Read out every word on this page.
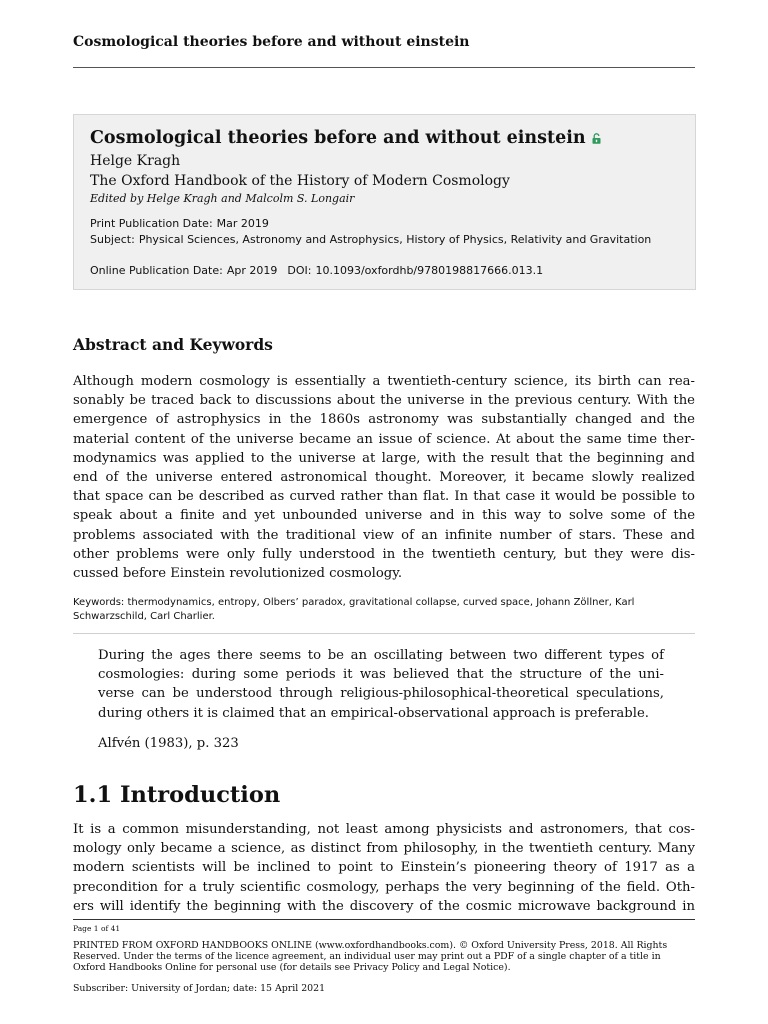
Cosmological theories before and without einstein
Cosmological theories before and without einstein
Helge Kragh
The Oxford Handbook of the History of Modern Cosmology
Edited by Helge Kragh and Malcolm S. Longair
Print Publication Date: Mar 2019
Subject: Physical Sciences, Astronomy and Astrophysics, History of Physics, Relativity and Gravitation
Online Publication Date: Apr 2019 DOI: 10.1093/oxfordhb/9780198817666.013.1
Abstract and Keywords
Although modern cosmology is essentially a twentieth-century science, its birth can rea-
sonably be traced back to discussions about the universe in the previous century. With the
emergence of astrophysics in the 1860s astronomy was substantially changed and the
material content of the universe became an issue of science. At about the same time ther-
modynamics was applied to the universe at large, with the result that the beginning and
end of the universe entered astronomical thought. Moreover, it became slowly realized
that space can be described as curved rather than flat. In that case it would be possible to
speak about a finite and yet unbounded universe and in this way to solve some of the
problems associated with the traditional view of an infinite number of stars. These and
other problems were only fully understood in the twentieth century, but they were dis-
cussed before Einstein revolutionized cosmology.
Keywords: thermodynamics, entropy, Olbers’ paradox, gravitational collapse, curved space, Johann Zöllner, Karl Schwarzschild, Carl Charlier.
During the ages there seems to be an oscillating between two different types of
cosmologies: during some periods it was believed that the structure of the uni-
verse can be understood through religious-philosophical-theoretical speculations,
during others it is claimed that an empirical-observational approach is preferable.
Alfvén (1983), p. 323
1.1 Introduction
It is a common misunderstanding, not least among physicists and astronomers, that cos-
mology only became a science, as distinct from philosophy, in the twentieth century. Many
modern scientists will be inclined to point to Einstein’s pioneering theory of 1917 as a
precondition for a truly scientific cosmology, perhaps the very beginning of the field. Oth-
ers will identify the beginning with the discovery of the cosmic microwave background in
Page 1 of 41
PRINTED FROM OXFORD HANDBOOKS ONLINE (www.oxfordhandbooks.com). © Oxford University Press, 2018. All Rights Reserved. Under the terms of the licence agreement, an individual user may print out a PDF of a single chapter of a title in Oxford Handbooks Online for personal use (for details see Privacy Policy and Legal Notice).
Subscriber: University of Jordan; date: 15 April 2021
